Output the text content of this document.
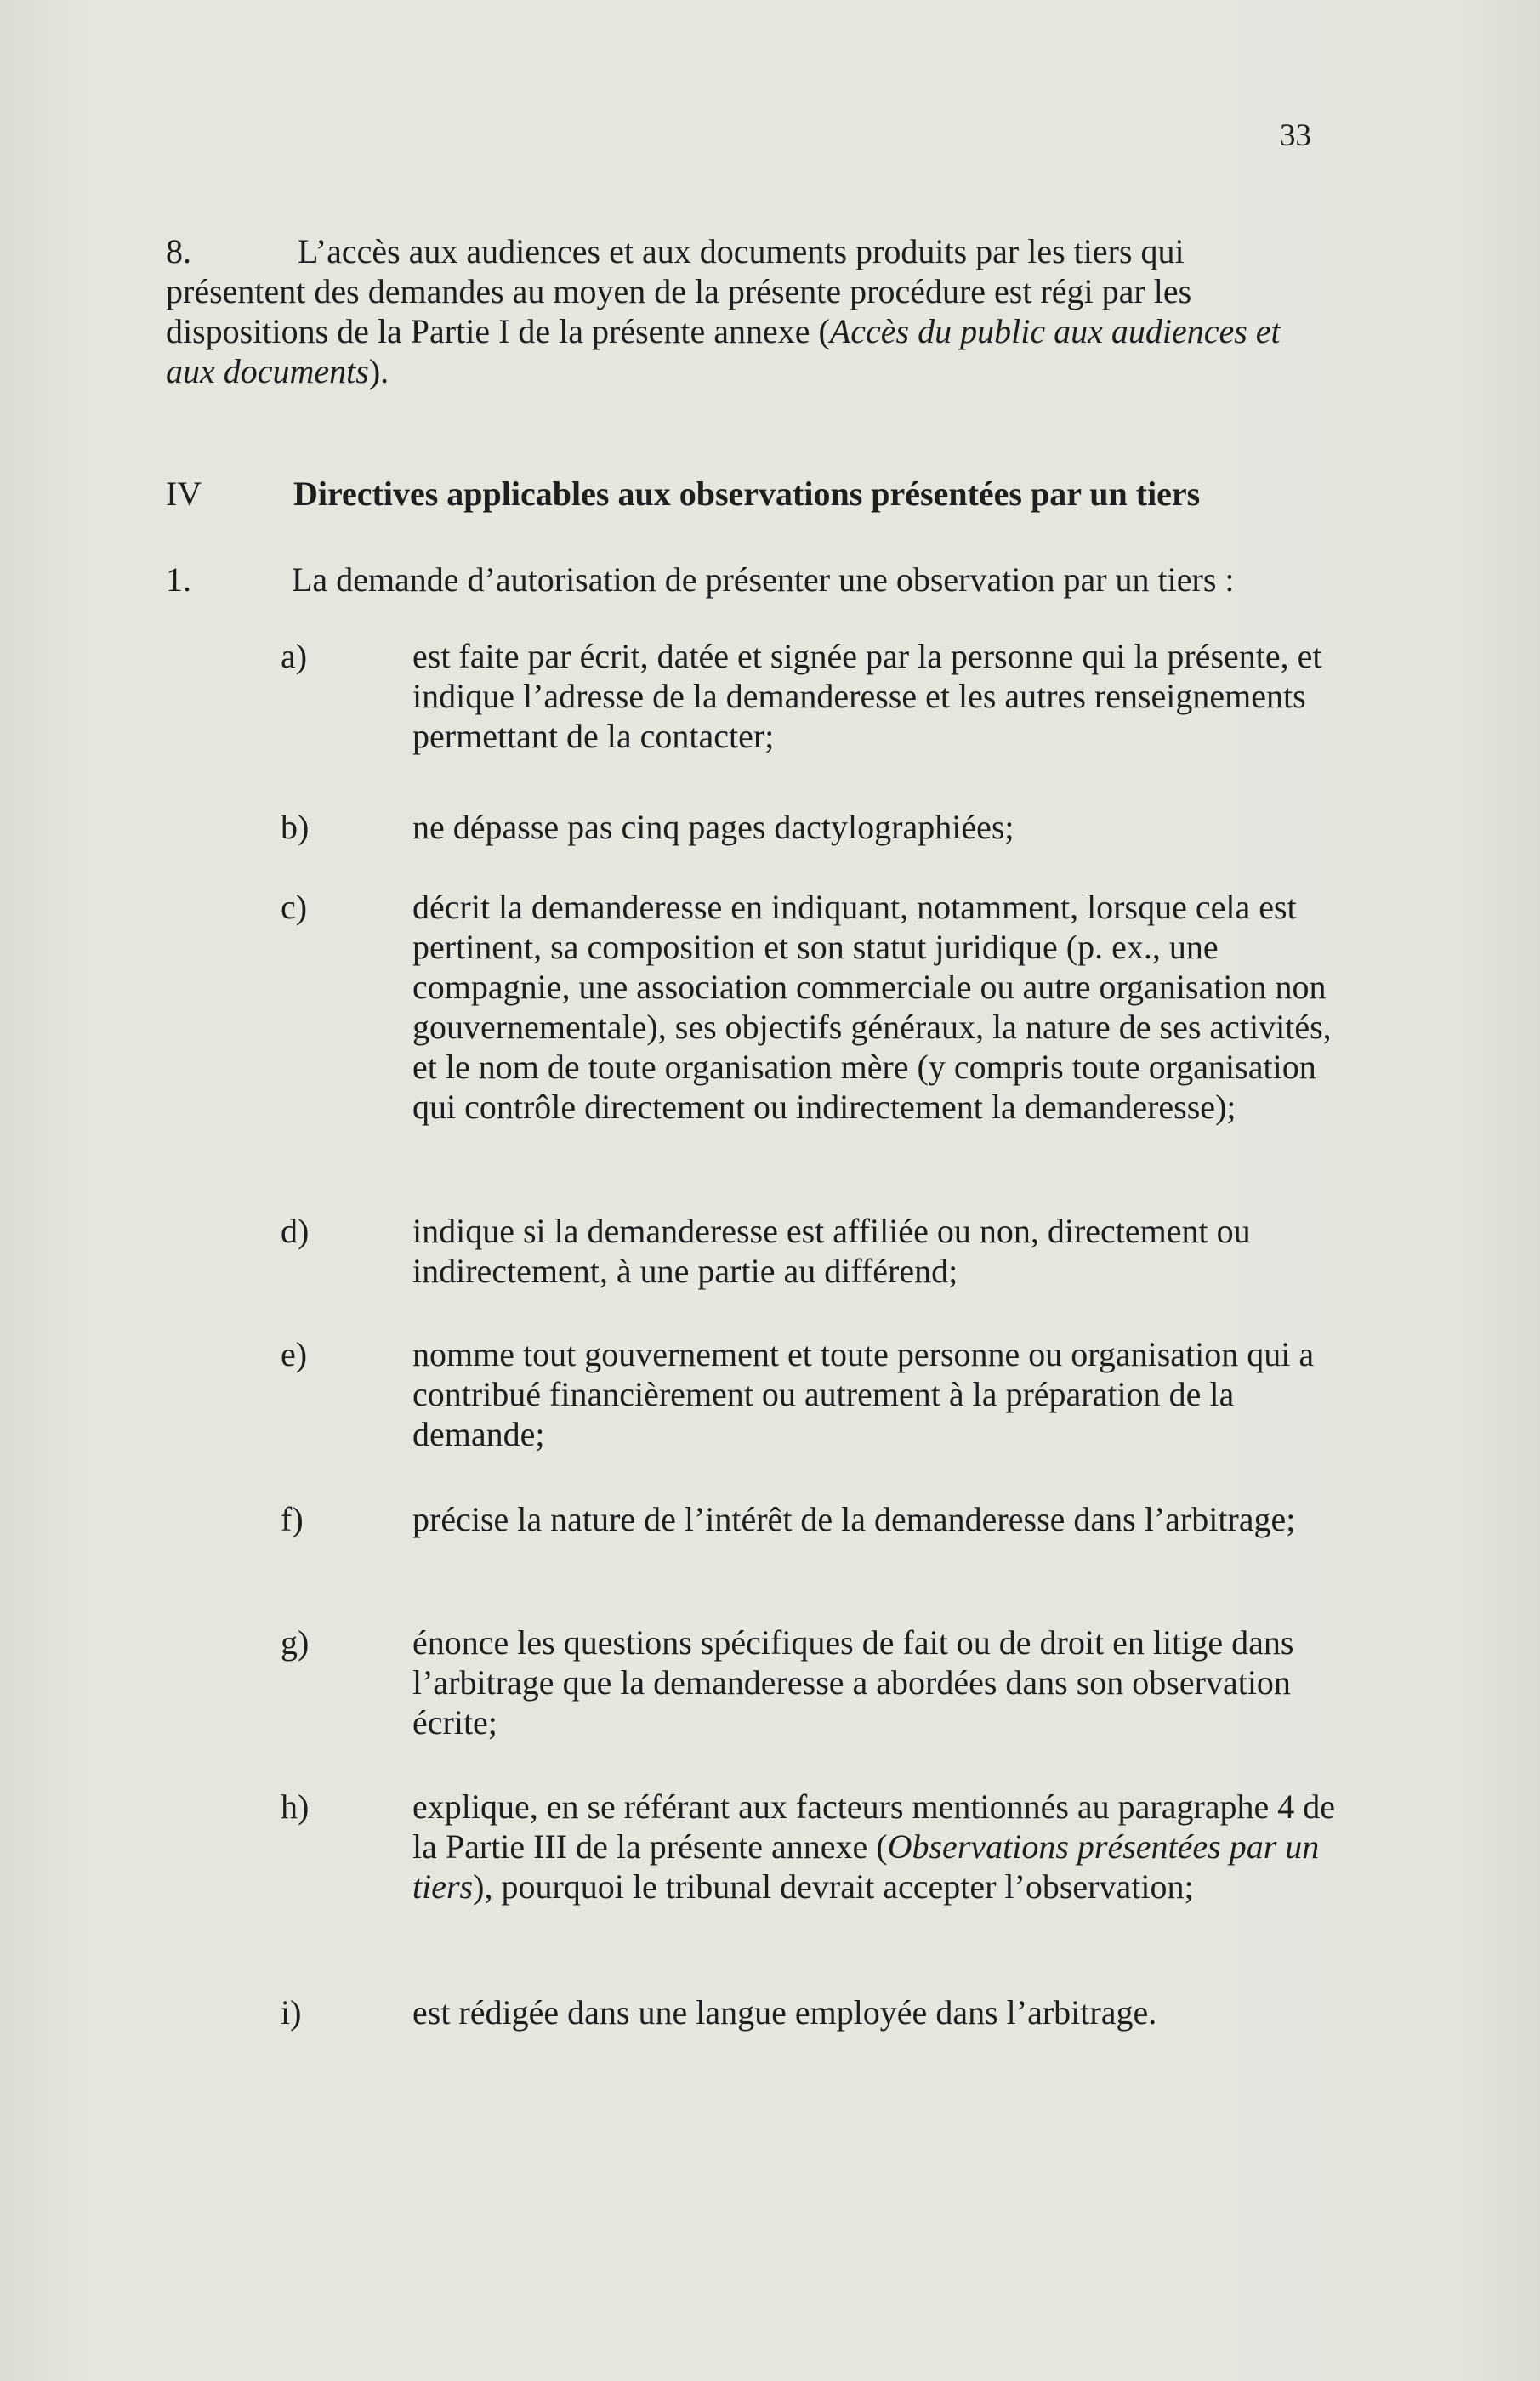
33
8.	L’accès aux audiences et aux documents produits par les tiers qui présentent des demandes au moyen de la présente procédure est régi par les dispositions de la Partie I de la présente annexe (Accès du public aux audiences et aux documents).
IV	Directives applicables aux observations présentées par un tiers
1.	La demande d’autorisation de présenter une observation par un tiers :
a)	est faite par écrit, datée et signée par la personne qui la présente, et indique l’adresse de la demanderesse et les autres renseignements permettant de la contacter;
b)	ne dépasse pas cinq pages dactylographiées;
c)	décrit la demanderesse en indiquant, notamment, lorsque cela est pertinent, sa composition et son statut juridique (p. ex., une compagnie, une association commerciale ou autre organisation non gouvernementale), ses objectifs généraux, la nature de ses activités, et le nom de toute organisation mère (y compris toute organisation qui contrôle directement ou indirectement la demanderesse);
d)	indique si la demanderesse est affiliée ou non, directement ou indirectement, à une partie au différend;
e)	nomme tout gouvernement et toute personne ou organisation qui a contribué financièrement ou autrement à la préparation de la demande;
f)	précise la nature de l’intérêt de la demanderesse dans l’arbitrage;
g)	énonce les questions spécifiques de fait ou de droit en litige dans l’arbitrage que la demanderesse a abordées dans son observation écrite;
h)	explique, en se référant aux facteurs mentionnés au paragraphe 4 de la Partie III de la présente annexe (Observations présentées par un tiers), pourquoi le tribunal devrait accepter l’observation;
i)	est rédigée dans une langue employée dans l’arbitrage.
